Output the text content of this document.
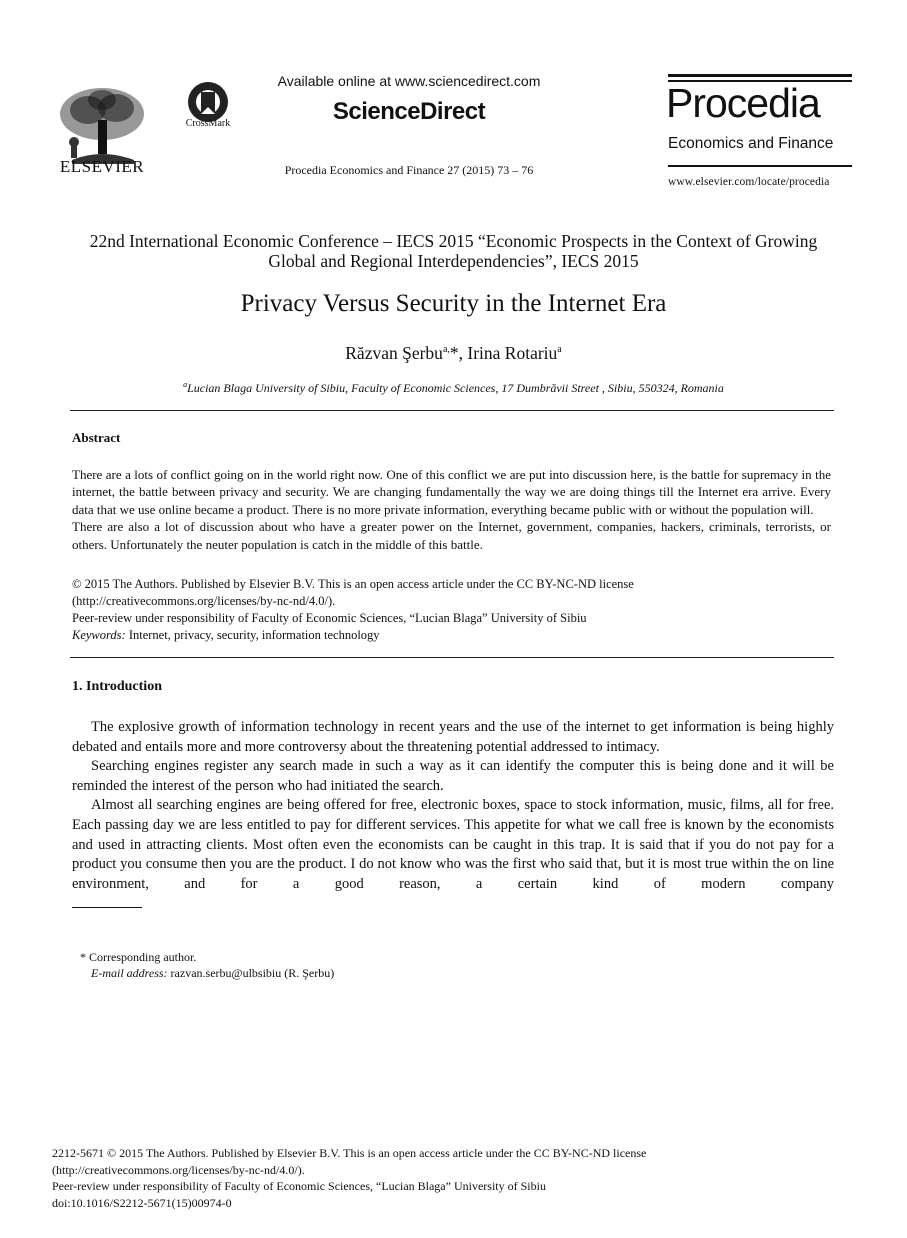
ELSEVIER
CrossMark
Available online at www.sciencedirect.com
ScienceDirect
Procedia Economics and Finance 27 (2015) 73 – 76
Procedia
Economics and Finance
www.elsevier.com/locate/procedia
22nd International Economic Conference – IECS 2015 “Economic Prospects in the Context of Growing Global and Regional Interdependencies”, IECS 2015
Privacy Versus Security in the Internet Era
Răzvan Şerbu$^{a,}$*, Irina Rotariu$^a$
$^a$Lucian Blaga University of Sibiu, Faculty of Economic Sciences, 17 Dumbrăvii Street , Sibiu, 550324, Romania
Abstract

There are a lots of conflict going on in the world right now. One of this conflict we are put into discussion here, is the battle for supremacy in the internet, the battle between privacy and security. We are changing fundamentally the way we are doing things till the Internet era arrive. Every data that we use online became a product. There is no more private information, everything became public with or without the population will.

There are also a lot of discussion about who have a greater power on the Internet, government, companies, hackers, criminals, terrorists, or others. Unfortunately the neuter population is catch in the middle of this battle.

© 2015 The Authors. Published by Elsevier B.V. This is an open access article under the CC BY-NC-ND license

(http://creativecommons.org/licenses/by-nc-nd/4.0/).

Peer-review under responsibility of Faculty of Economic Sciences, “Lucian Blaga” University of Sibiu

Keywords: Internet, privacy, security, information technology

1. Introduction

The explosive growth of information technology in recent years and the use of the internet to get information is being highly debated and entails more and more controversy about the threatening potential addressed to intimacy.

Searching engines register any search made in such a way as it can identify the computer this is being done and it will be reminded the interest of the person who had initiated the search.

Almost all searching engines are being offered for free, electronic boxes, space to stock information, music, films, all for free. Each passing day we are less entitled to pay for different services. This appetite for what we call free is known by the economists and used in attracting clients. Most often even the economists can be caught in this trap. It is said that if you do not pay for a product you consume then you are the product. I do not know who was the first who said that, but it is most true within the on line environment, and for a good reason, a certain kind of modern company

* Corresponding author.

E-mail address: razvan.serbu@ulbsibiu (R. Şerbu)

2212-5671 © 2015 The Authors. Published by Elsevier B.V. This is an open access article under the CC BY-NC-ND license

(http://creativecommons.org/licenses/by-nc-nd/4.0/).

Peer-review under responsibility of Faculty of Economic Sciences, “Lucian Blaga” University of Sibiu

doi:10.1016/S2212-5671(15)00974-0
